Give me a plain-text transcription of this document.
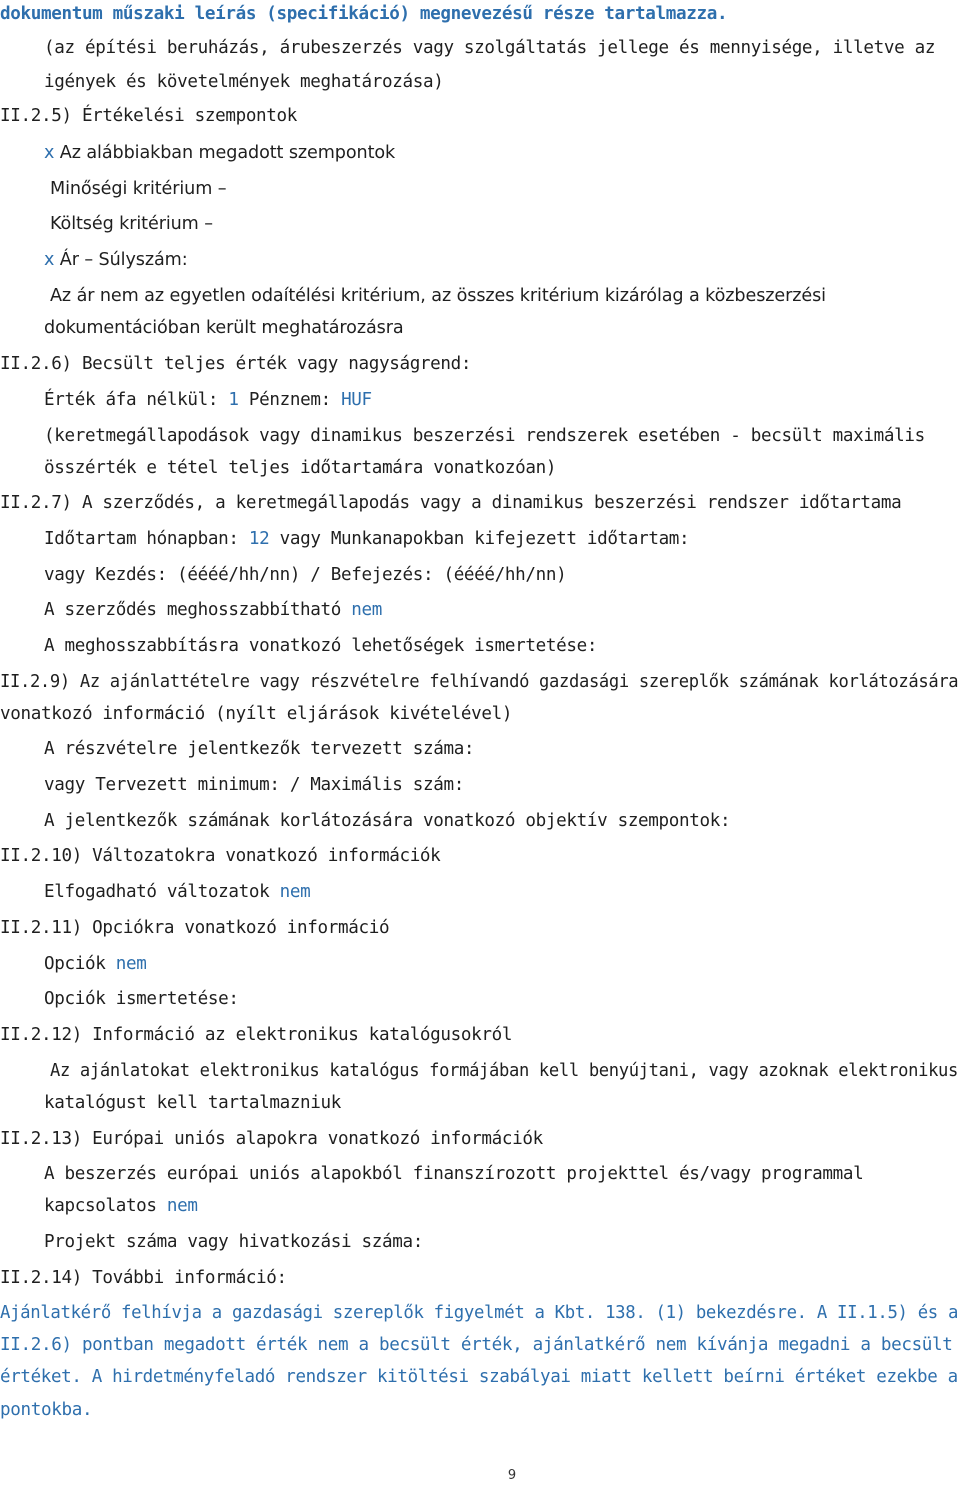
dokumentum műszaki leírás (specifikáció) megnevezésű része tartalmazza.
(az építési beruházás, árubeszerzés vagy szolgáltatás jellege és mennyisége, illetve az
igények és követelmények meghatározása)
II.2.5) Értékelési szempontok
x Az alábbiakban megadott szempontok
Minőségi kritérium –
Költség kritérium –
x Ár – Súlyszám:
Az ár nem az egyetlen odaítélési kritérium, az összes kritérium kizárólag a közbeszerzési
dokumentációban került meghatározásra
II.2.6) Becsült teljes érték vagy nagyságrend:
Érték áfa nélkül: 1 Pénznem: HUF
(keretmegállapodások vagy dinamikus beszerzési rendszerek esetében - becsült maximális
összérték e tétel teljes időtartamára vonatkozóan)
II.2.7) A szerződés, a keretmegállapodás vagy a dinamikus beszerzési rendszer időtartama
Időtartam hónapban: 12 vagy Munkanapokban kifejezett időtartam:
vagy Kezdés: (éééé/hh/nn) / Befejezés: (éééé/hh/nn)
A szerződés meghosszabbítható nem
A meghosszabbításra vonatkozó lehetőségek ismertetése:
II.2.9) Az ajánlattételre vagy részvételre felhívandó gazdasági szereplők számának korlátozására
vonatkozó információ (nyílt eljárások kivételével)
A részvételre jelentkezők tervezett száma:
vagy Tervezett minimum: / Maximális szám:
A jelentkezők számának korlátozására vonatkozó objektív szempontok:
II.2.10) Változatokra vonatkozó információk
Elfogadható változatok nem
II.2.11) Opciókra vonatkozó információ
Opciók nem
Opciók ismertetése:
II.2.12) Információ az elektronikus katalógusokról
Az ajánlatokat elektronikus katalógus formájában kell benyújtani, vagy azoknak elektronikus
katalógust kell tartalmazniuk
II.2.13) Európai uniós alapokra vonatkozó információk
A beszerzés európai uniós alapokból finanszírozott projekttel és/vagy programmal
kapcsolatos nem
Projekt száma vagy hivatkozási száma:
II.2.14) További információ:
Ajánlatkérő felhívja a gazdasági szereplők figyelmét a Kbt. 138. (1) bekezdésre. A II.1.5) és a
II.2.6) pontban megadott érték nem a becsült érték, ajánlatkérő nem kívánja megadni a becsült
értéket. A hirdetményfeladó rendszer kitöltési szabályai miatt kellett beírni értéket ezekbe a
pontokba.
9
